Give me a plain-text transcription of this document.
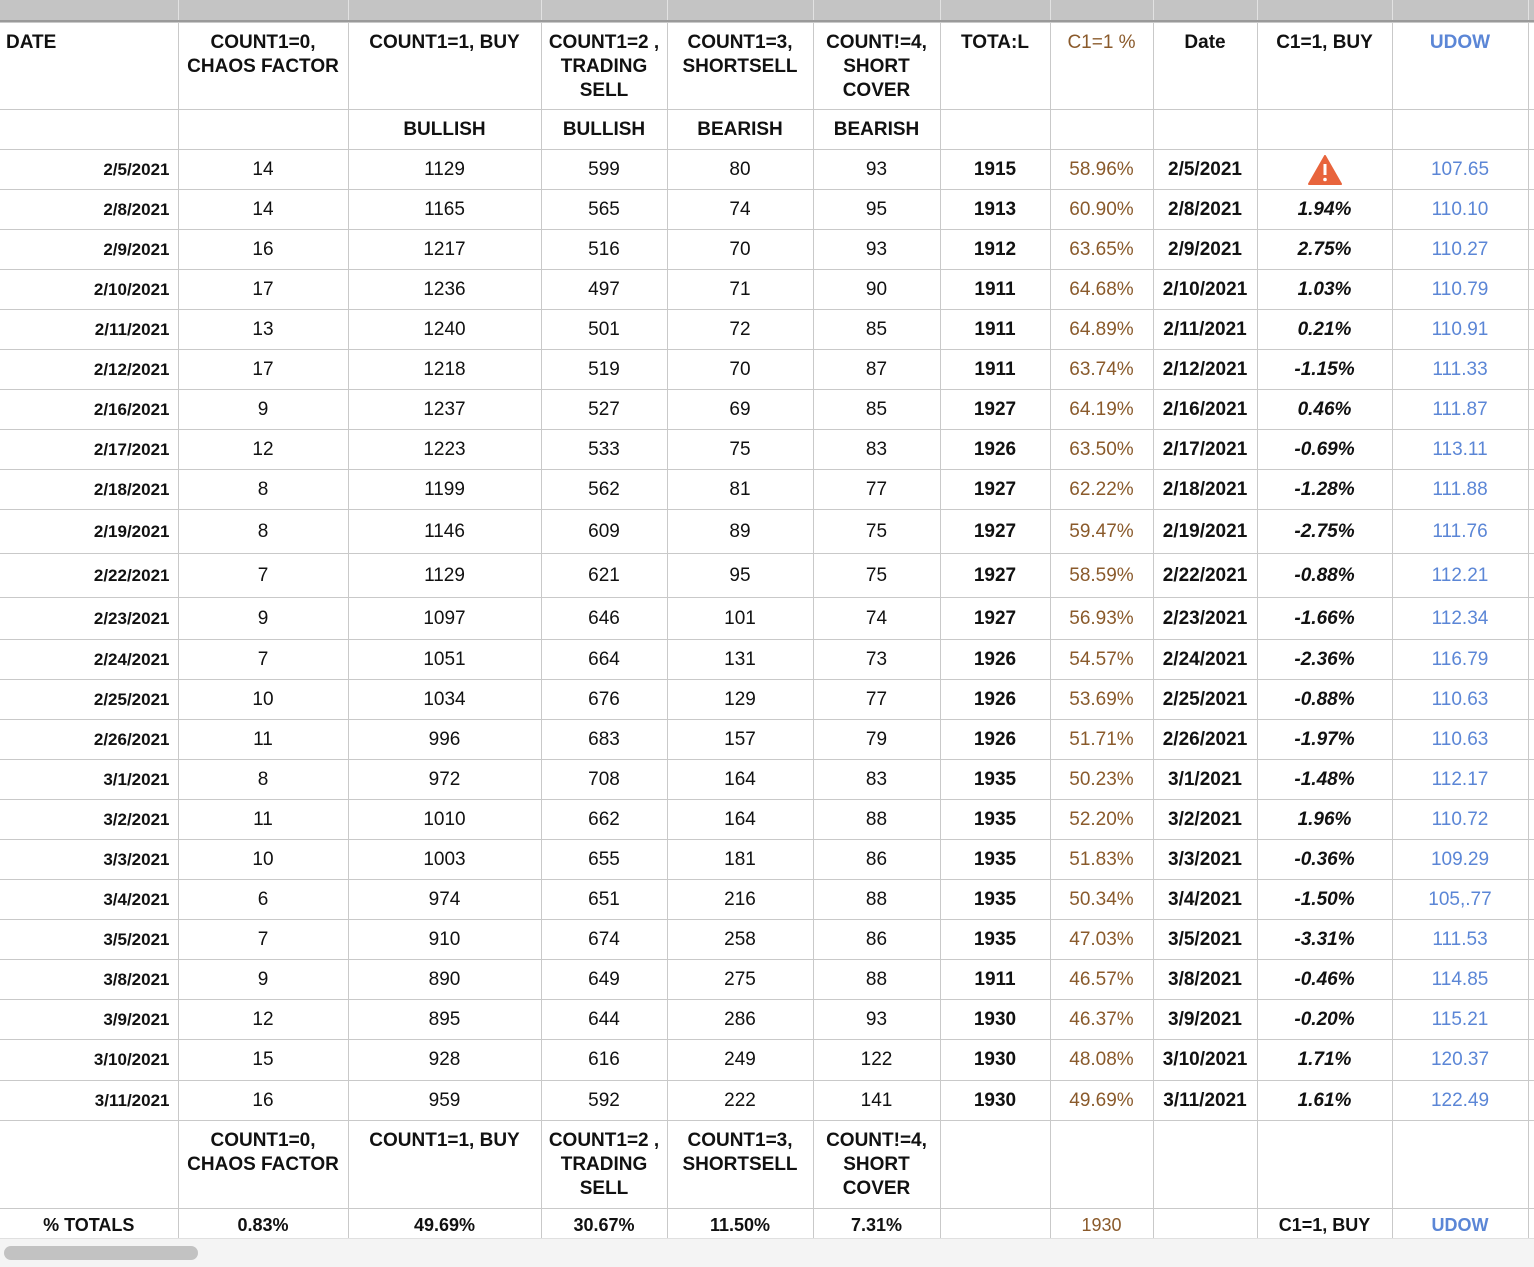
DATE	COUNT1=0, CHAOS FACTOR	COUNT1=1, BUY	COUNT1=2 , TRADING SELL	COUNT1=3, SHORTSELL	COUNT!=4, SHORT COVER	TOTA:L	C1=1 %	Date	C1=1, BUY	UDOW	
		BULLISH	BULLISH	BEARISH	BEARISH						
2/5/2021	14	1129	599	80	93	1915	58.96%	2/5/2021		107.65	
2/8/2021	14	1165	565	74	95	1913	60.90%	2/8/2021	1.94%	110.10	
2/9/2021	16	1217	516	70	93	1912	63.65%	2/9/2021	2.75%	110.27	
2/10/2021	17	1236	497	71	90	1911	64.68%	2/10/2021	1.03%	110.79	
2/11/2021	13	1240	501	72	85	1911	64.89%	2/11/2021	0.21%	110.91	
2/12/2021	17	1218	519	70	87	1911	63.74%	2/12/2021	-1.15%	111.33	
2/16/2021	9	1237	527	69	85	1927	64.19%	2/16/2021	0.46%	111.87	
2/17/2021	12	1223	533	75	83	1926	63.50%	2/17/2021	-0.69%	113.11	
2/18/2021	8	1199	562	81	77	1927	62.22%	2/18/2021	-1.28%	111.88	
2/19/2021	8	1146	609	89	75	1927	59.47%	2/19/2021	-2.75%	111.76	
2/22/2021	7	1129	621	95	75	1927	58.59%	2/22/2021	-0.88%	112.21	
2/23/2021	9	1097	646	101	74	1927	56.93%	2/23/2021	-1.66%	112.34	
2/24/2021	7	1051	664	131	73	1926	54.57%	2/24/2021	-2.36%	116.79	
2/25/2021	10	1034	676	129	77	1926	53.69%	2/25/2021	-0.88%	110.63	
2/26/2021	11	996	683	157	79	1926	51.71%	2/26/2021	-1.97%	110.63	
3/1/2021	8	972	708	164	83	1935	50.23%	3/1/2021	-1.48%	112.17	
3/2/2021	11	1010	662	164	88	1935	52.20%	3/2/2021	1.96%	110.72	
3/3/2021	10	1003	655	181	86	1935	51.83%	3/3/2021	-0.36%	109.29	
3/4/2021	6	974	651	216	88	1935	50.34%	3/4/2021	-1.50%	105,.77	
3/5/2021	7	910	674	258	86	1935	47.03%	3/5/2021	-3.31%	111.53	
3/8/2021	9	890	649	275	88	1911	46.57%	3/8/2021	-0.46%	114.85	
3/9/2021	12	895	644	286	93	1930	46.37%	3/9/2021	-0.20%	115.21	
3/10/2021	15	928	616	249	122	1930	48.08%	3/10/2021	1.71%	120.37	
3/11/2021	16	959	592	222	141	1930	49.69%	3/11/2021	1.61%	122.49	
	COUNT1=0, CHAOS FACTOR	COUNT1=1, BUY	COUNT1=2 , TRADING SELL	COUNT1=3, SHORTSELL	COUNT!=4, SHORT COVER						
% TOTALS	0.83%	49.69%	30.67%	11.50%	7.31%		1930		C1=1, BUY	UDOW	
